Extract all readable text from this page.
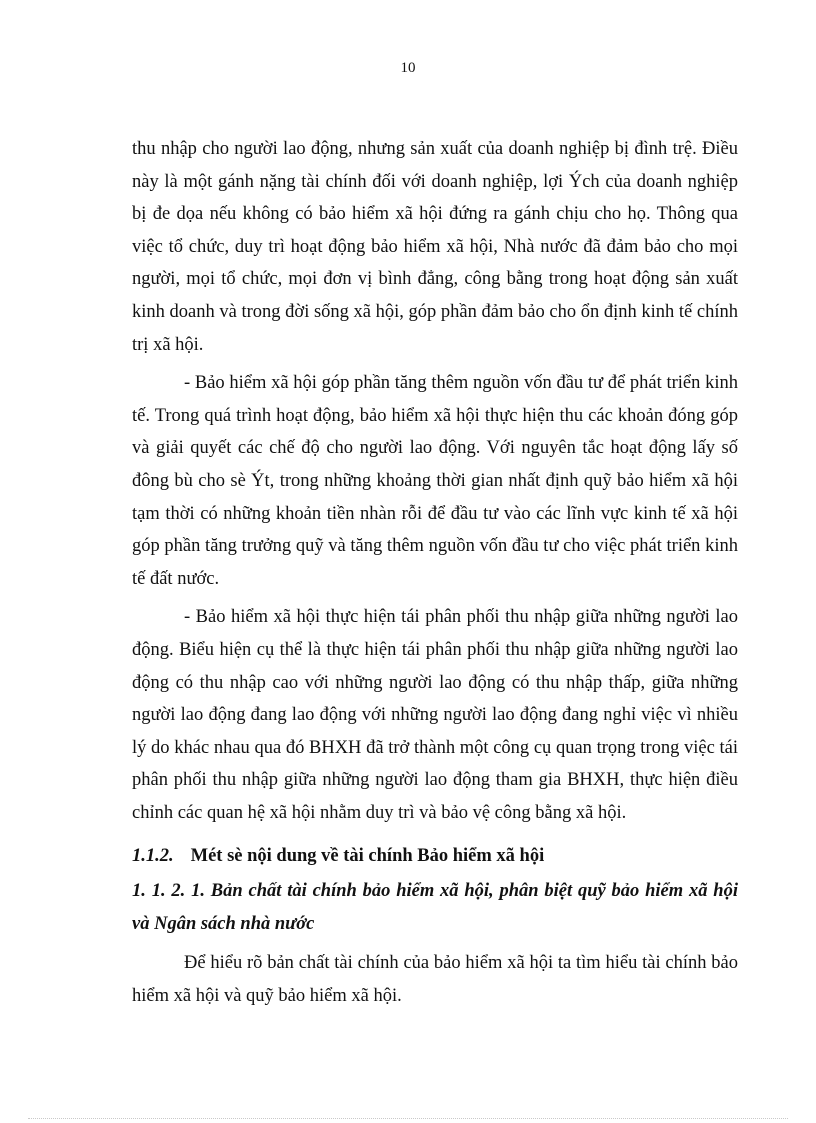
10

thu nhập cho người lao động, nhưng sản xuất của doanh nghiệp bị đình trệ. Điều này là một gánh nặng tài chính đối với doanh nghiệp, lợi Ých của doanh nghiệp bị đe dọa nếu không có bảo hiểm xã hội đứng ra gánh chịu cho họ. Thông qua việc tổ chức, duy trì hoạt động bảo hiểm xã hội, Nhà nước đã đảm bảo cho mọi người, mọi tổ chức, mọi đơn vị bình đẳng, công bằng trong hoạt động sản xuất kinh doanh và trong đời sống xã hội, góp phần đảm bảo cho ổn định kinh tế chính trị xã hội.

- Bảo hiểm xã hội góp phần tăng thêm nguồn vốn đầu tư để phát triển kinh tế. Trong quá trình hoạt động, bảo hiểm xã hội thực hiện thu các khoản đóng góp và giải quyết các chế độ cho người lao động. Với nguyên tắc hoạt động lấy số đông bù cho sè Ýt, trong những khoảng thời gian nhất định quỹ bảo hiểm xã hội tạm thời có những khoản tiền nhàn rỗi để đầu tư vào các lĩnh vực kinh tế xã hội góp phần tăng trưởng quỹ và tăng thêm nguồn vốn đầu tư cho việc phát triển kinh tế đất nước.

- Bảo hiểm xã hội thực hiện tái phân phối thu nhập giữa những người lao động. Biểu hiện cụ thể là thực hiện tái phân phối thu nhập giữa những người lao động có thu nhập cao với những người lao động có thu nhập thấp, giữa những người lao động đang lao động với những người lao động đang nghỉ việc vì nhiều lý do khác nhau qua đó BHXH đã trở thành một công cụ quan trọng trong việc tái phân phối thu nhập giữa những người lao động tham gia BHXH, thực hiện điều chỉnh các quan hệ xã hội nhằm duy trì và bảo vệ công bằng xã hội.

1.1.2. Mét sè nội dung về tài chính Bảo hiểm xã hội
1. 1. 2. 1. Bản chất tài chính bảo hiểm xã hội, phân biệt quỹ bảo hiểm xã hội và Ngân sách nhà nước

Để hiểu rõ bản chất tài chính của bảo hiểm xã hội ta tìm hiểu tài chính bảo hiểm xã hội và quỹ bảo hiểm xã hội.
